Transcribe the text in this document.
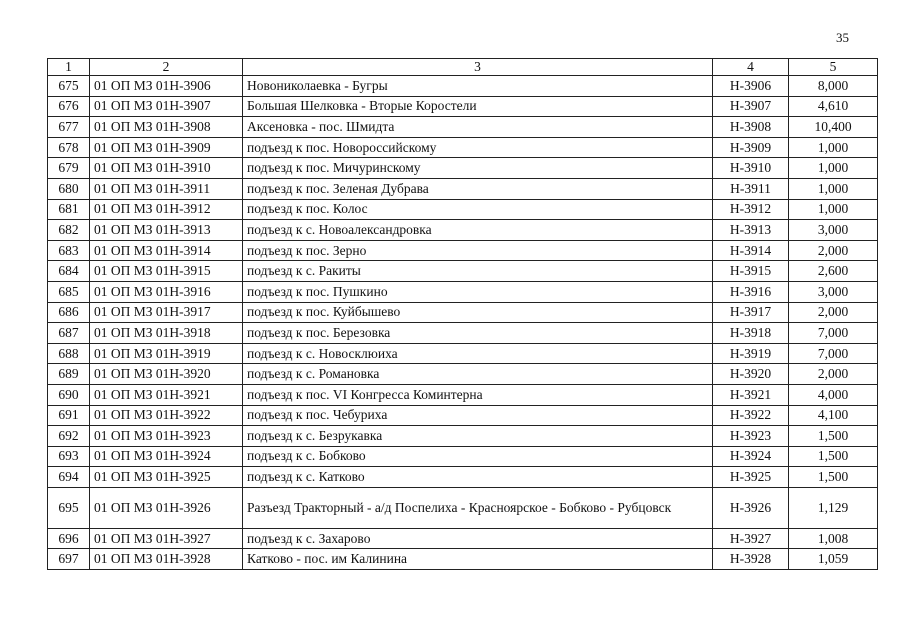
35
1	2	3	4	5
675	01 ОП МЗ 01Н-3906	Новониколаевка - Бугры	Н-3906	8,000
676	01 ОП МЗ 01Н-3907	Большая Шелковка - Вторые Коростели	Н-3907	4,610
677	01 ОП МЗ 01Н-3908	Аксеновка - пос. Шмидта	Н-3908	10,400
678	01 ОП МЗ 01Н-3909	подъезд к пос. Новороссийскому	Н-3909	1,000
679	01 ОП МЗ 01Н-3910	подъезд к пос. Мичуринскому	Н-3910	1,000
680	01 ОП МЗ 01Н-3911	подъезд к пос. Зеленая Дубрава	Н-3911	1,000
681	01 ОП МЗ 01Н-3912	подъезд к пос. Колос	Н-3912	1,000
682	01 ОП МЗ 01Н-3913	подъезд к с. Новоалександровка	Н-3913	3,000
683	01 ОП МЗ 01Н-3914	подъезд к пос. Зерно	Н-3914	2,000
684	01 ОП МЗ 01Н-3915	подъезд к с. Ракиты	Н-3915	2,600
685	01 ОП МЗ 01Н-3916	подъезд к пос. Пушкино	Н-3916	3,000
686	01 ОП МЗ 01Н-3917	подъезд к пос. Куйбышево	Н-3917	2,000
687	01 ОП МЗ 01Н-3918	подъезд к пос. Березовка	Н-3918	7,000
688	01 ОП МЗ 01Н-3919	подъезд к с. Новосклюиха	Н-3919	7,000
689	01 ОП МЗ 01Н-3920	подъезд к с. Романовка	Н-3920	2,000
690	01 ОП МЗ 01Н-3921	подъезд к пос. VI Конгресса Коминтерна	Н-3921	4,000
691	01 ОП МЗ 01Н-3922	подъезд к пос. Чебуриха	Н-3922	4,100
692	01 ОП МЗ 01Н-3923	подъезд к с. Безрукавка	Н-3923	1,500
693	01 ОП МЗ 01Н-3924	подъезд к с. Бобково	Н-3924	1,500
694	01 ОП МЗ 01Н-3925	подъезд к с. Катково	Н-3925	1,500
695	01 ОП МЗ 01Н-3926	Разъезд Тракторный - а/д Поспелиха - Красноярское - Бобково - Рубцовск	Н-3926	1,129
696	01 ОП МЗ 01Н-3927	подъезд к с. Захарово	Н-3927	1,008
697	01 ОП МЗ 01Н-3928	Катково - пос. им Калинина	Н-3928	1,059
